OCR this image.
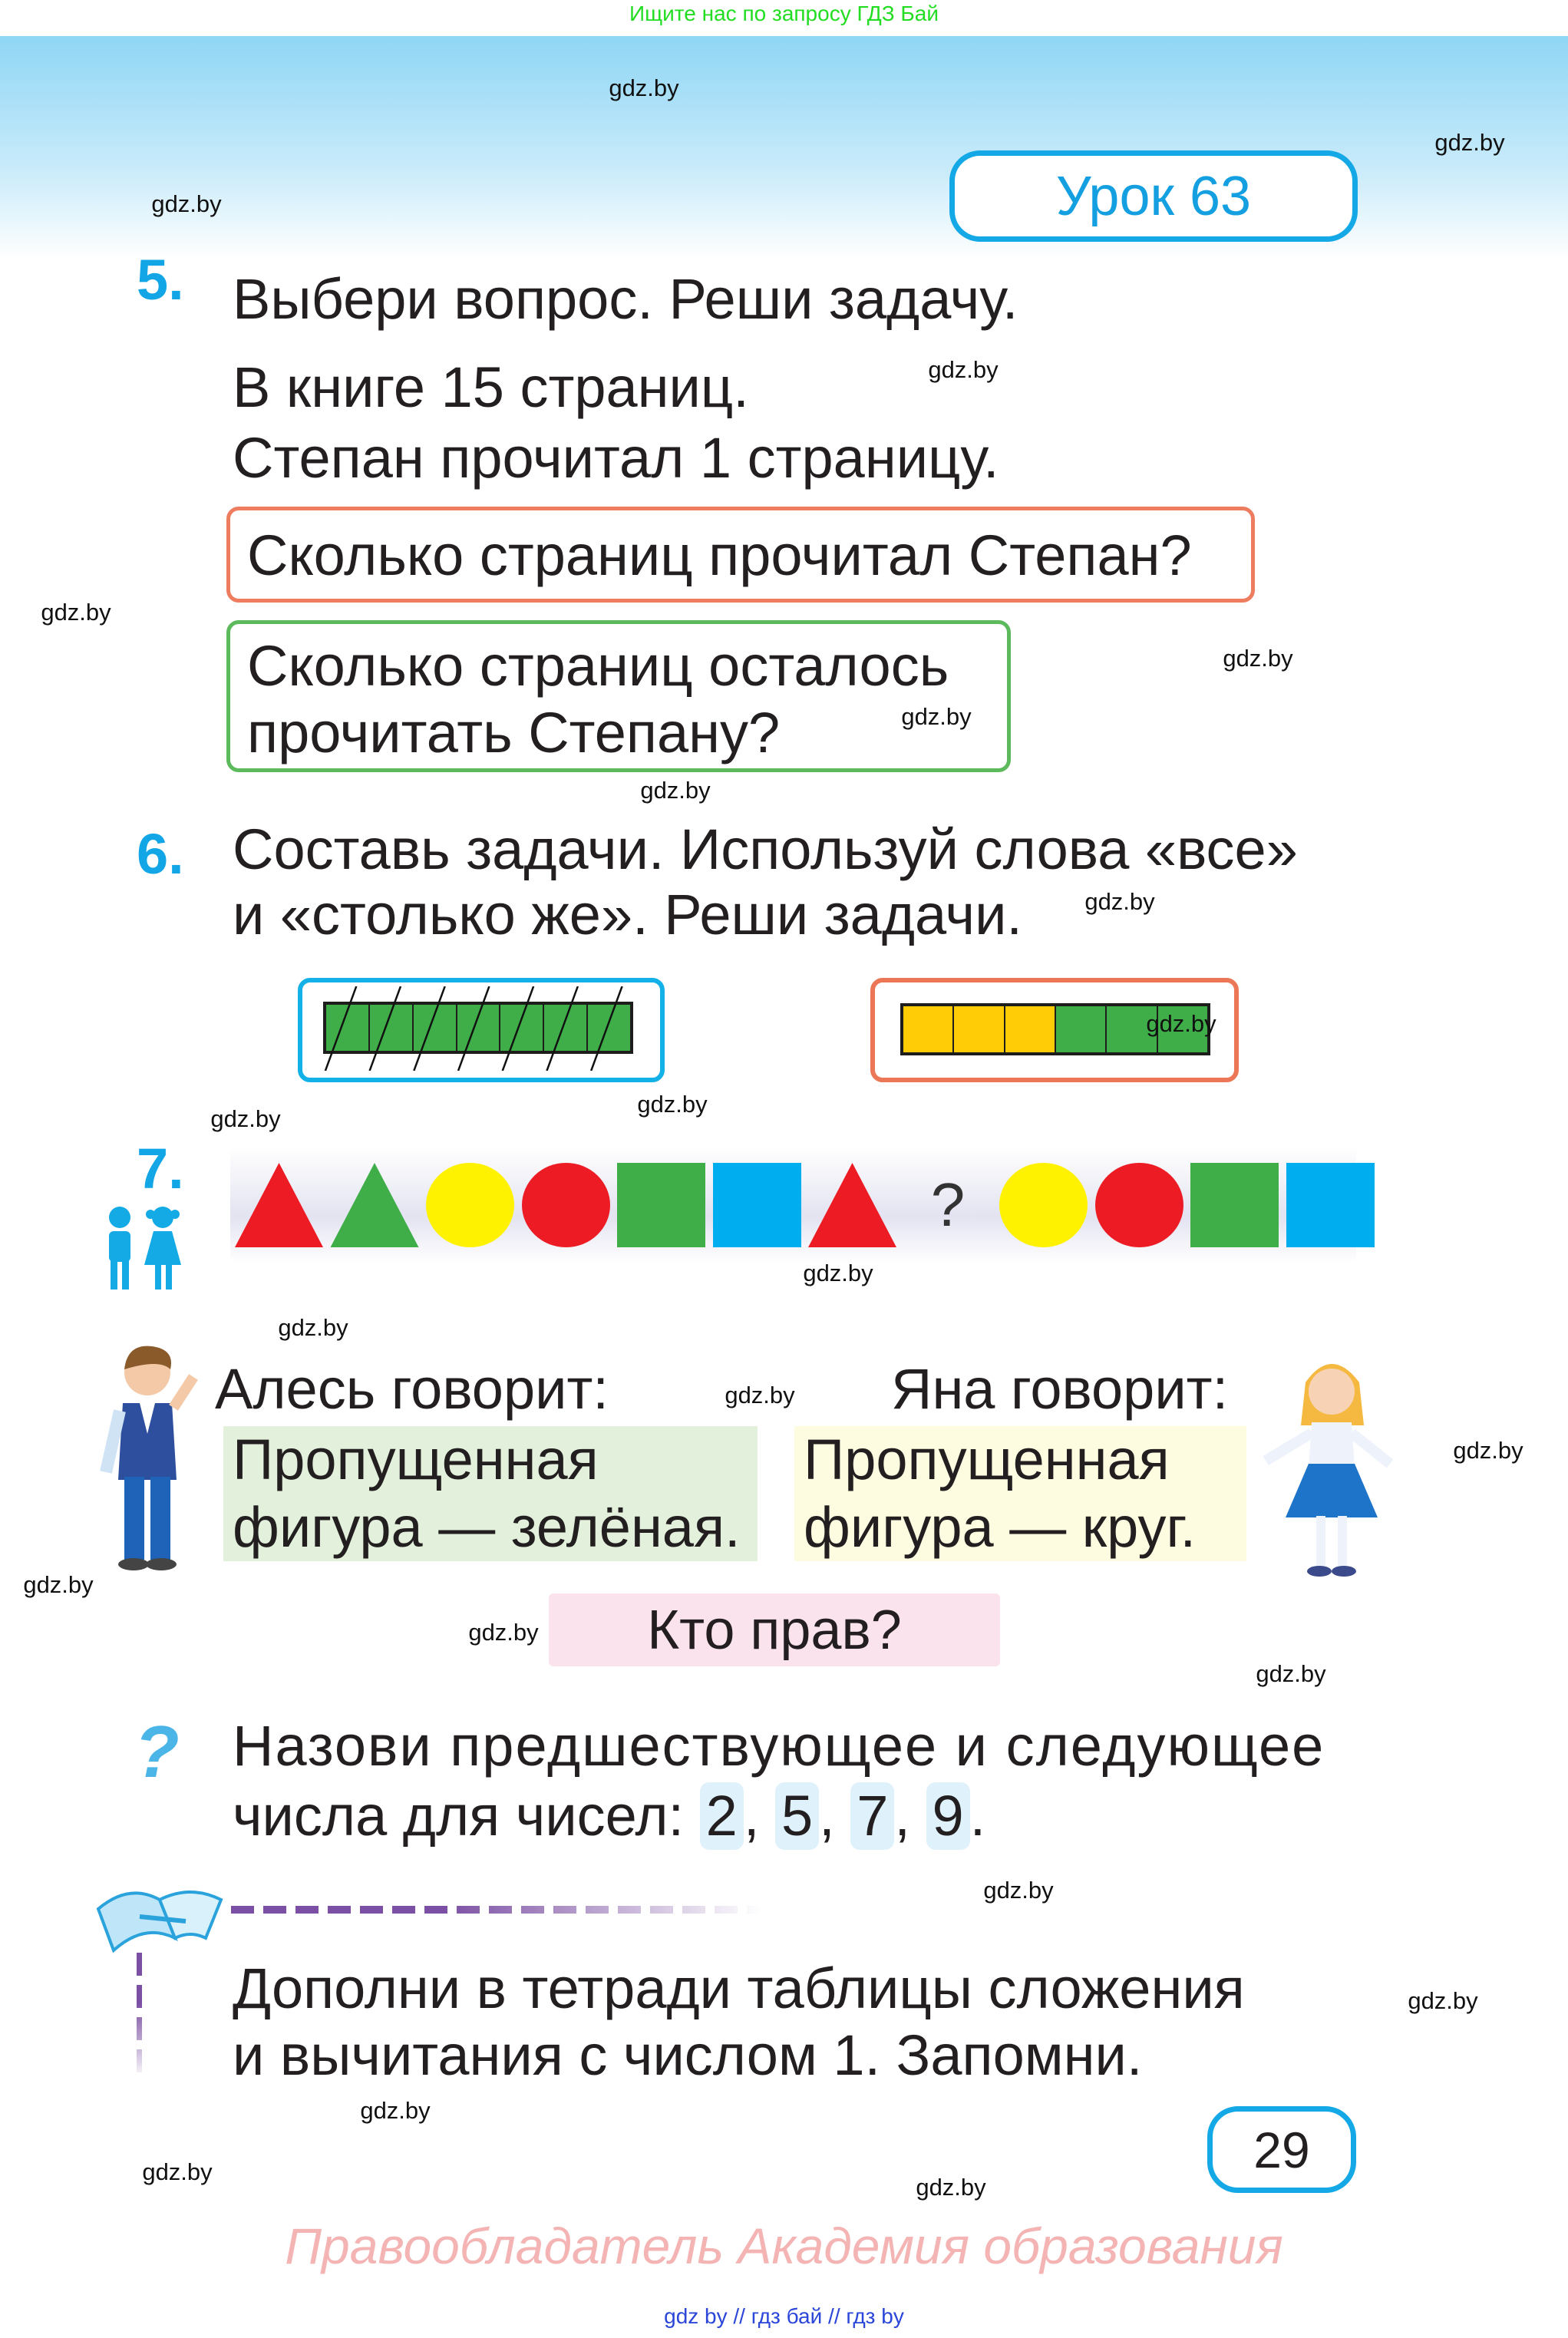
Ищите нас по запросу ГДЗ Бай
Урок 63
5. Выбери вопрос. Реши задачу.
В книге 15 страниц.
Степан прочитал 1 страницу.
Сколько страниц прочитал Степан?
Сколько страниц осталось
прочитать Степану?
6. Составь задачи. Используй слова «все»
и «столько же». Реши задачи.
7.
?
Алесь говорит:
Пропущенная
фигура — зелёная.
Яна говорит:
Пропущенная
фигура — круг.
Кто прав?
? Назови предшествующее и следующее
числа для чисел: 2 , 5 , 7 , 9 .
Дополни в тетради таблицы сложения
и вычитания с числом 1. Запомни.
29
Правообладатель Академия образования
gdz by // гдз бай // гдз by
gdz.by
gdz.by
gdz.by
gdz.by
gdz.by
gdz.by
gdz.by
gdz.by
gdz.by
gdz.by
gdz.by
gdz.by
gdz.by
gdz.by
gdz.by
gdz.by
gdz.by
gdz.by
gdz.by
gdz.by
gdz.by
gdz.by
gdz.by
gdz.by
